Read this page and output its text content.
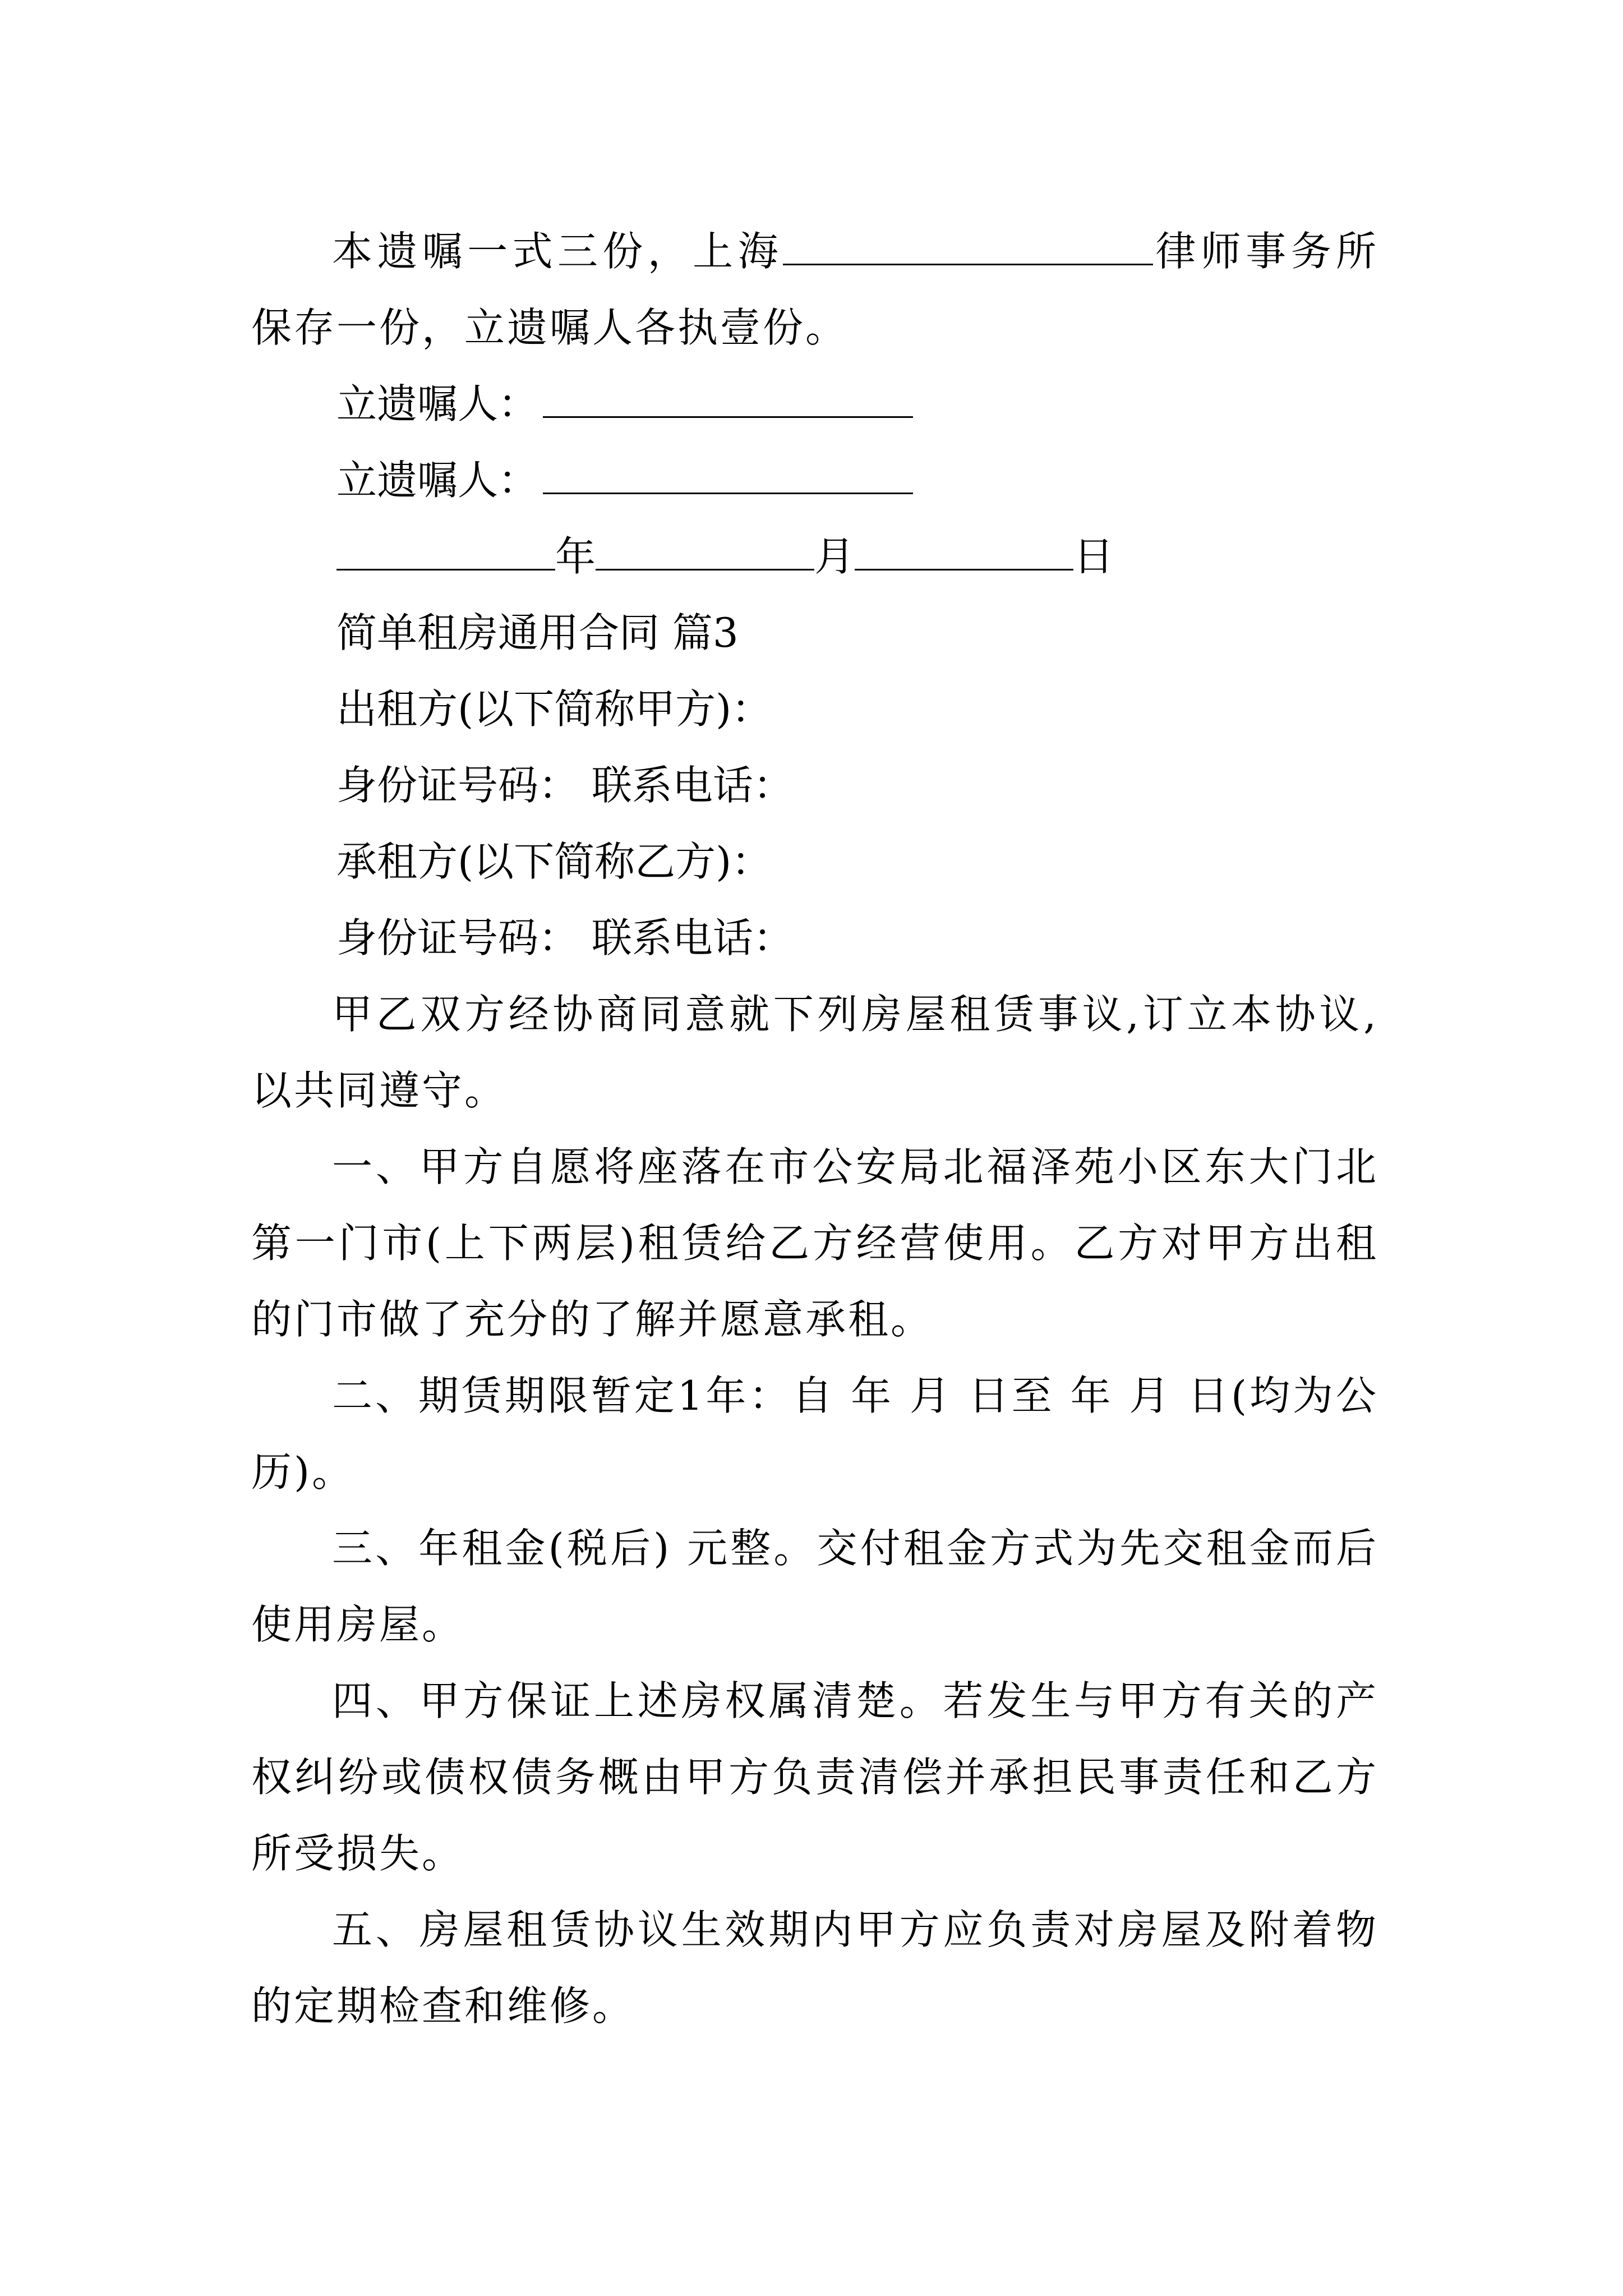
本遗嘱一式三份，上海	律师事务所保存一份，立遗嘱人各执壹份。

立遗嘱人：

立遗嘱人：

年	月	日

简单租房通用合同 篇3

出租方(以下简称甲方)：

身份证号码： 联系电话：

承租方(以下简称乙方)：

身份证号码： 联系电话：

甲乙双方经协商同意就下列房屋租赁事议,订立本协议,以共同遵守。

一、甲方自愿将座落在市公安局北福泽苑小区东大门北第一门市(上下两层)租赁给乙方经营使用。乙方对甲方出租的门市做了充分的了解并愿意承租。

二、期赁期限暂定1年：自 年 月 日至 年 月 日(均为公历)。

三、年租金(税后) 元整。交付租金方式为先交租金而后使用房屋。

四、甲方保证上述房权属清楚。若发生与甲方有关的产权纠纷或债权债务概由甲方负责清偿并承担民事责任和乙方所受损失。

五、房屋租赁协议生效期内甲方应负责对房屋及附着物的定期检查和维修。
